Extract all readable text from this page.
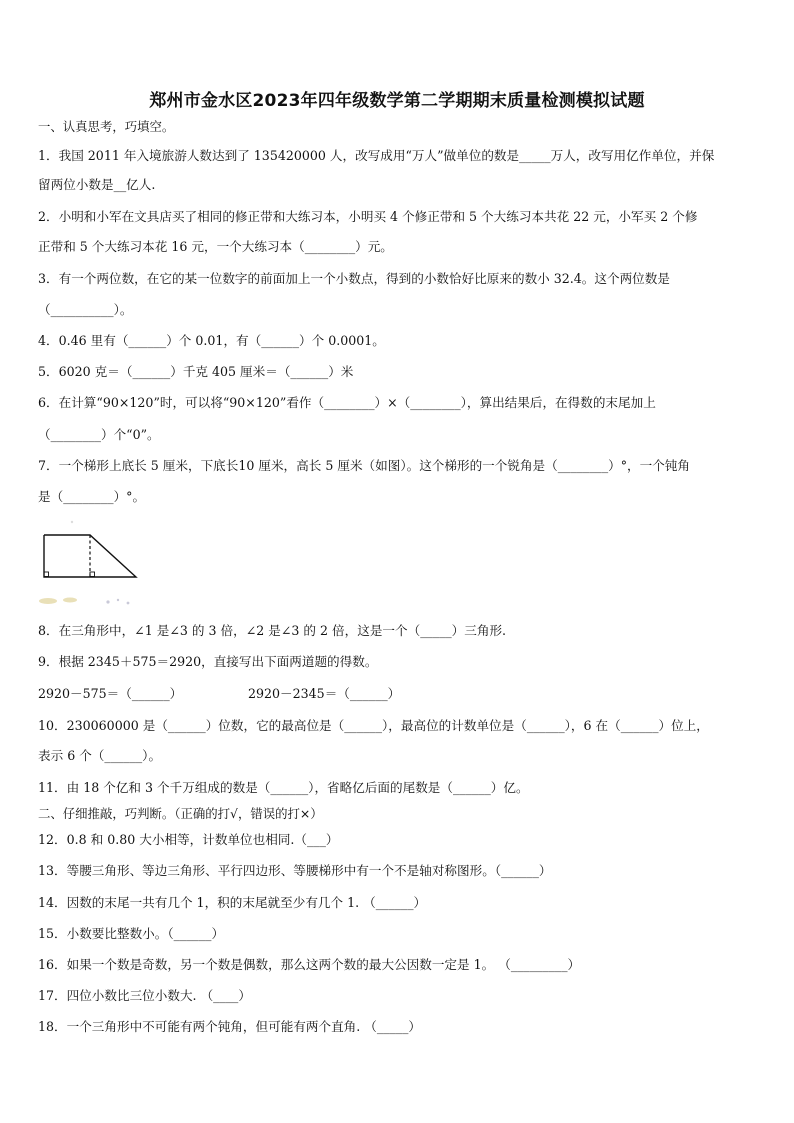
郑州市金水区2023年四年级数学第二学期期末质量检测模拟试题
一、认真思考，巧填空。
1．我国 2011 年入境旅游人数达到了 135420000 人，改写成用“万人”做单位的数是_____万人，改写用亿作单位，并保
留两位小数是__亿人.
2．小明和小军在文具店买了相同的修正带和大练习本，小明买 4 个修正带和 5 个大练习本共花 22 元，小军买 2 个修
正带和 5 个大练习本花 16 元，一个大练习本（________）元。
3．有一个两位数，在它的某一位数字的前面加上一个小数点，得到的小数恰好比原来的数小 32.4。这个两位数是
（__________）。
4．0.46 里有（______）个 0.01，有（______）个 0.0001。
5．6020 克＝（______）千克 405 厘米＝（______）米
6．在计算“90×120”时，可以将“90×120”看作（________）×（________），算出结果后，在得数的末尾加上
（________）个“0”。
7．一个梯形上底长 5 厘米，下底长10 厘米，高长 5 厘米（如图）。这个梯形的一个锐角是（________）°，一个钝角
是（________）°。
8．在三角形中，∠1 是∠3 的 3 倍，∠2 是∠3 的 2 倍，这是一个（_____）三角形.
9．根据 2345＋575＝2920，直接写出下面两道题的得数。
2920－575＝（______）	2920－2345＝（______）
10．230060000 是（______）位数，它的最高位是（______），最高位的计数单位是（______），6 在（______）位上，
表示 6 个（______）。
11．由 18 个亿和 3 个千万组成的数是（______），省略亿后面的尾数是（______）亿。
二、仔细推敲，巧判断。（正确的打√，错误的打×）
12．0.8 和 0.80 大小相等，计数单位也相同.（___）
13．等腰三角形、等边三角形、平行四边形、等腰梯形中有一个不是轴对称图形。（______）
14．因数的末尾一共有几个 1，积的末尾就至少有几个 1. （______）
15．小数要比整数小。（______）
16．如果一个数是奇数，另一个数是偶数，那么这两个数的最大公因数一定是 1。 （_________）
17．四位小数比三位小数大. （____）
18．一个三角形中不可能有两个钝角，但可能有两个直角. （_____）
